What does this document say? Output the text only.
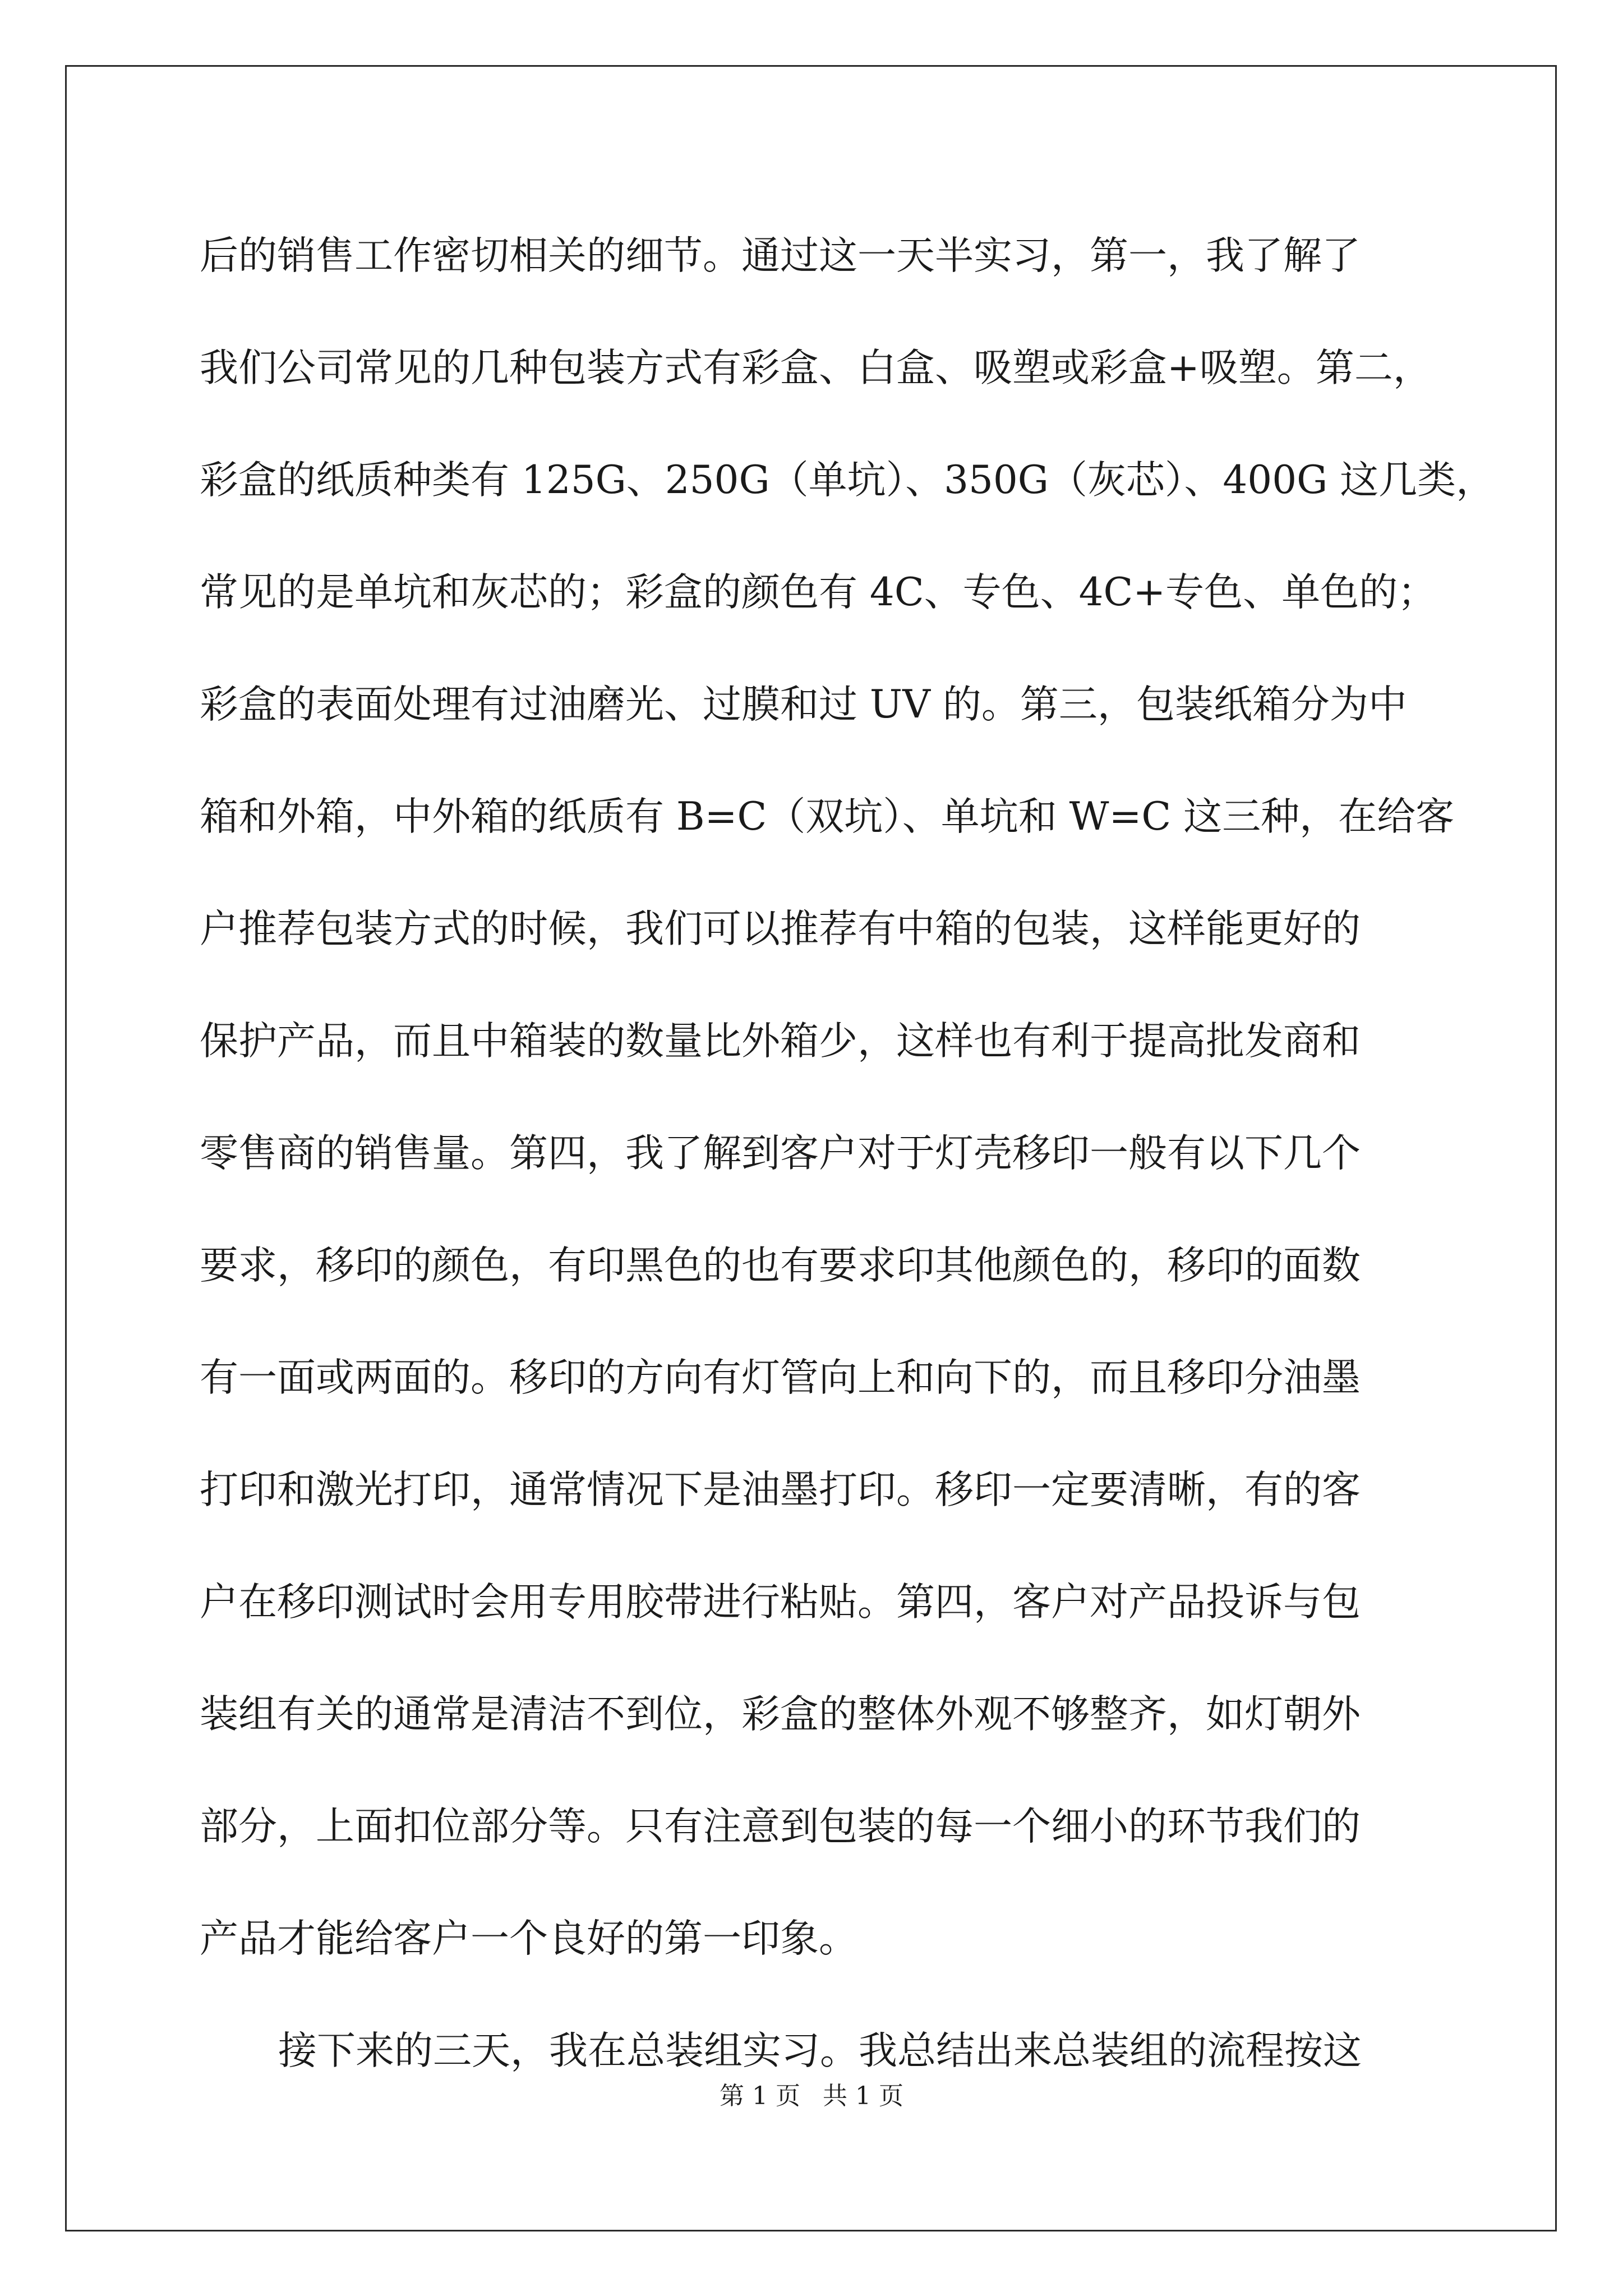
后的销售工作密切相关的细节。通过这一天半实习，第一，我了解了
我们公司常见的几种包装方式有彩盒、白盒、吸塑或彩盒+吸塑。第二，
彩盒的纸质种类有 125G、250G（单坑）、350G（灰芯）、400G 这几类，
常见的是单坑和灰芯的；彩盒的颜色有 4C、专色、4C+专色、单色的；
彩盒的表面处理有过油磨光、过膜和过 UV 的。第三，包装纸箱分为中
箱和外箱，中外箱的纸质有 B=C（双坑）、单坑和 W=C 这三种，在给客
户推荐包装方式的时候，我们可以推荐有中箱的包装，这样能更好的
保护产品，而且中箱装的数量比外箱少，这样也有利于提高批发商和
零售商的销售量。第四，我了解到客户对于灯壳移印一般有以下几个
要求，移印的颜色，有印黑色的也有要求印其他颜色的，移印的面数
有一面或两面的。移印的方向有灯管向上和向下的，而且移印分油墨
打印和激光打印，通常情况下是油墨打印。移印一定要清晰，有的客
户在移印测试时会用专用胶带进行粘贴。第四，客户对产品投诉与包
装组有关的通常是清洁不到位，彩盒的整体外观不够整齐，如灯朝外
部分，上面扣位部分等。只有注意到包装的每一个细小的环节我们的
产品才能给客户一个良好的第一印象。
接下来的三天，我在总装组实习。我总结出来总装组的流程按这
第 1 页 共 1 页
